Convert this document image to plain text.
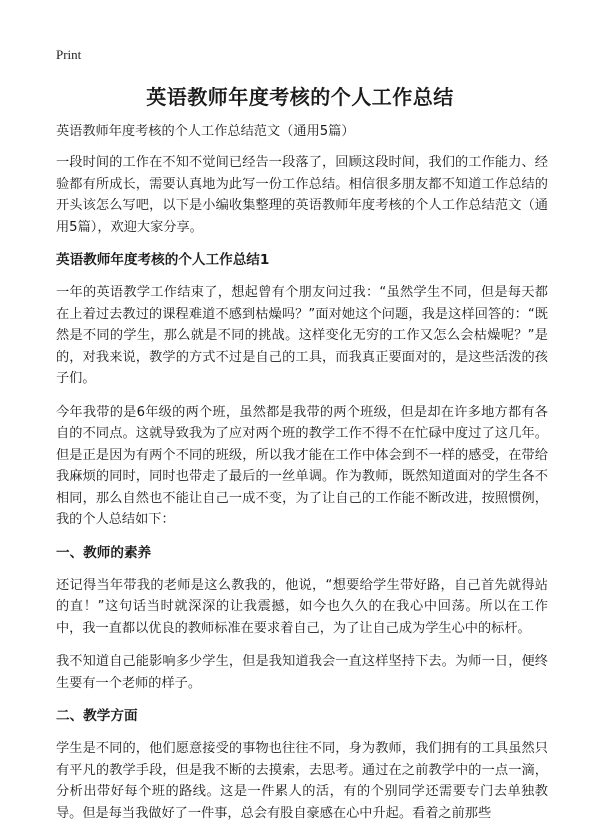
Print
英语教师年度考核的个人工作总结
英语教师年度考核的个人工作总结范文（通用5篇）

一段时间的工作在不知不觉间已经告一段落了，回顾这段时间，我们的工作能力、经验都有所成长，需要认真地为此写一份工作总结。相信很多朋友都不知道工作总结的开头该怎么写吧，以下是小编收集整理的英语教师年度考核的个人工作总结范文（通用5篇），欢迎大家分享。

英语教师年度考核的个人工作总结1

一年的英语教学工作结束了，想起曾有个朋友问过我：“虽然学生不同，但是每天都在上着过去教过的课程难道不感到枯燥吗？”面对她这个问题，我是这样回答的：“既然是不同的学生，那么就是不同的挑战。这样变化无穷的工作又怎么会枯燥呢？”是的，对我来说，教学的方式不过是自己的工具，而我真正要面对的，是这些活泼的孩子们。

今年我带的是6年级的两个班，虽然都是我带的两个班级，但是却在许多地方都有各自的不同点。这就导致我为了应对两个班的教学工作不得不在忙碌中度过了这几年。但是正是因为有两个不同的班级，所以我才能在工作中体会到不一样的感受，在带给我麻烦的同时，同时也带走了最后的一丝单调。作为教师，既然知道面对的学生各不相同，那么自然也不能让自己一成不变，为了让自己的工作能不断改进，按照惯例，我的个人总结如下：

一、教师的素养

还记得当年带我的老师是这么教我的，他说，“想要给学生带好路，自己首先就得站的直！”这句话当时就深深的让我震撼，如今也久久的在我心中回荡。所以在工作中，我一直都以优良的教师标准在要求着自己，为了让自己成为学生心中的标杆。

我不知道自己能影响多少学生，但是我知道我会一直这样坚持下去。为师一日，便终生要有一个老师的样子。

二、教学方面

学生是不同的，他们愿意接受的事物也往往不同，身为教师，我们拥有的工具虽然只有平凡的教学手段，但是我不断的去摸索，去思考。通过在之前教学中的一点一滴，分析出带好每个班的路线。这是一件累人的活，有的个别同学还需要专门去单独教导。但是每当我做好了一件事，总会有股自豪感在心中升起。看着之前那些
